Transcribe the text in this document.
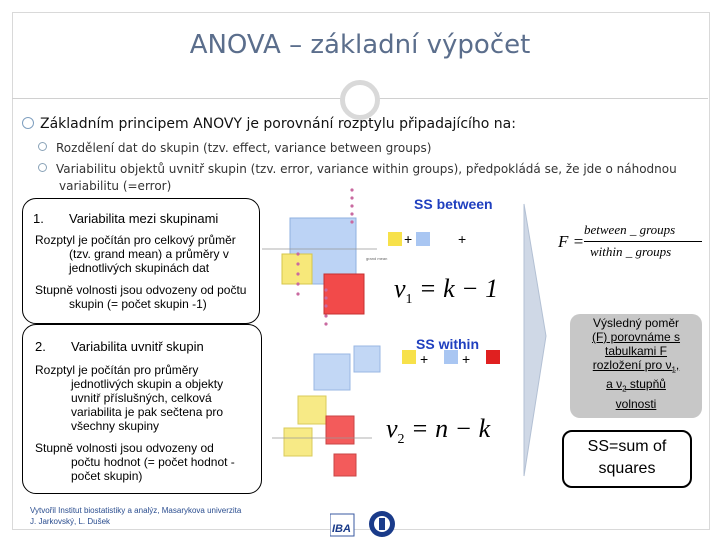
ANOVA – základní výpočet
Základním principem ANOVY je porovnání rozptylu připadajícího na:
Rozdělení dat do skupin (tzv. effect, variance between groups)
Variabilitu objektů uvnitř skupin (tzv. error, variance within groups), předpokládá se, že jde o náhodnou
variabilitu (=error)
1. Variabilita mezi skupinami

Rozptyl je počítán pro celkový průměr

(tzv. grand mean) a průměry v

jednotlivých skupinách dat

Stupně volnosti jsou odvozeny od počtu

skupin (= počet skupin -1)

2. Variabilita uvnitř skupin

Rozptyl je počítán pro průměry

jednotlivých skupin a objekty

uvnitř příslušných, celková

variabilita je pak sečtena pro

všechny skupiny

Stupně volnosti jsou odvozeny od

počtu hodnot (= počet hodnot -

počet skupin)

grand mean
+	+
+ +
SS between
SS within
F =
between _ groups
within _ groups
$\nu_1 = k - 1$
$\nu_2 = n - k$
Výsledný poměr
(F) porovnáme s
tabulkami F
rozložení pro $\nu_1$,
a $\nu_2$ stupňů
volnosti
SS=sum of
squares
Vytvořil Institut biostatistiky a analýz, Masarykova univerzita
J. Jarkovský, L. Dušek
IBA
